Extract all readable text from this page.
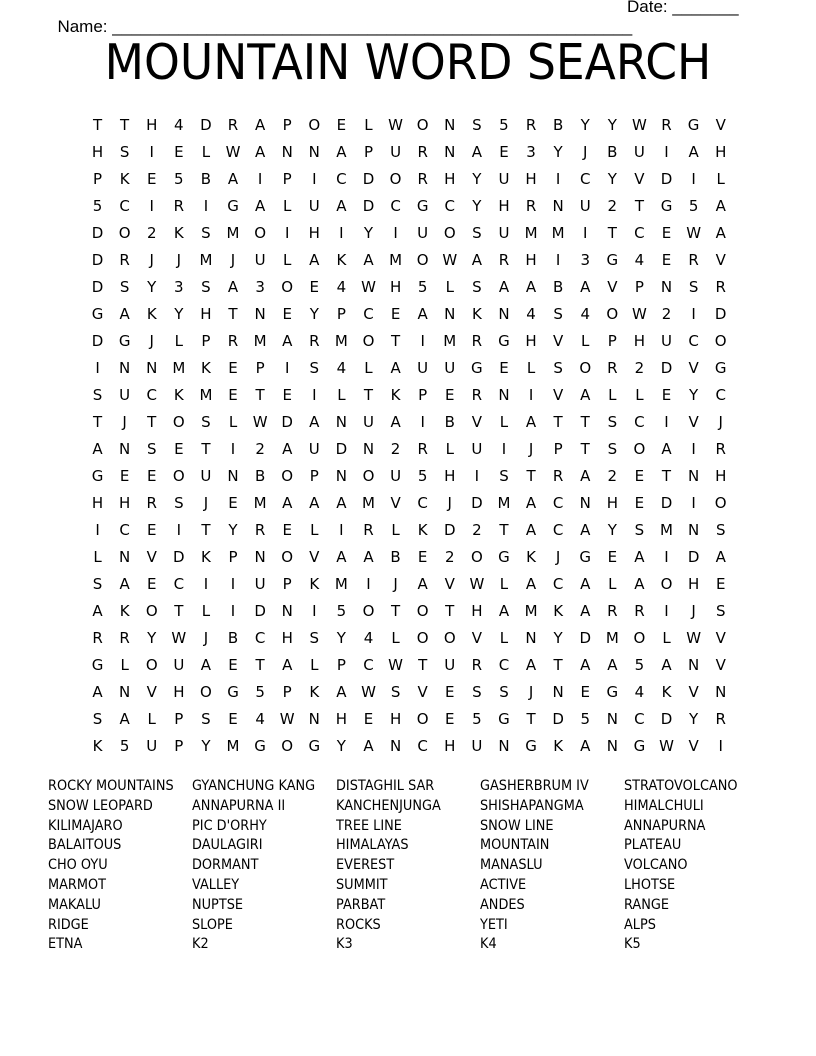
Name: _______________________________________________________

Date: _______

MOUNTAIN WORD SEARCH
T	T	H	4	D	R	A	P	O	E	L	W O	N	S	5	R	B	Y	Y	W R	G	V
H	S	I	E	L	W A	N	N	A	P	U	R	N	A	E	3	Y	J	B	U	I	A	H
P	K	E	5	B	A	I	P	I	C	D	O	R	H	Y	U	H	I	C	Y	V	D	I	L
5	C	I	R	I	G	A	L	U	A	D	C	G	C	Y	H	R	N	U	2	T	G	5	A
D	O	2	K	S	M O	I	H	I	Y	I	U	O	S	U	M M	I	T	C	E W A
D	R	J	J	M	J	U	L	A	K	A	M O W A	R	H	I	3	G	4	E	R	V
D	S	Y	3	S	A	3	O	E	4 W H	5	L	S	A	A	B	A	V	P	N	S	R
G	A	K	Y	H	T	N	E	Y	P	C	E	A	N	K	N	4	S	4	O W 2	I	D
D	G	J	L	P	R	M	A	R	M O	T	I	M	R	G	H	V	L	P	H	U	C	O
I	N	N	M	K	E	P	I	S	4	L	A	U	U	G	E	L	S	O	R	2	D	V	G
S	U	C	K	M	E	T	E	I	L	T	K	P	E	R	N	I	V	A	L	L	E	Y	C
T	J	T	O	S	L	W D	A	N	U	A	I	B	V	L	A	T	T	S	C	I	V	J
A	N	S	E	T	I	2	A	U	D	N	2	R	L	U	I	J	P	T	S	O	A	I	R
G	E	E	O	U	N	B	O	P	N	O	U	5	H	I	S	T	R	A	2	E	T	N	H
H	H	R	S	J	E	M	A	A	A	M	V	C	J	D M	A	C	N	H	E	D	I	O
I	C	E	I	T	Y	R	E	L	I	R	L	K	D	2	T	A	C	A	Y	S	M	N	S
L	N	V	D	K	P	N	O	V	A	A	B	E	2	O	G	K	J	G	E	A	I	D	A
S	A	E	C	I	I	U	P	K	M	I	J	A	V W	L	A	C	A	L	A	O	H	E
A	K	O	T	L	I	D	N	I	5	O	T	O	T	H	A	M	K	A	R	R	I	J	S
R	R	Y	W	J	B	C	H	S	Y	4	L	O	O	V	L	N	Y	D M O	L	W V
G	L	O	U	A	E	T	A	L	P	C W	T	U	R	C	A	T	A	A	5	A	N	V
A	N	V	H	O	G	5	P	K	A W S	V	E	S	S	J	N	E	G	4	K	V	N
S	A	L	P	S	E	4 W N	H	E	H	O	E	5	G	T	D	5	N	C	D	Y	R
K	5	U	P	Y	M G	O	G	Y	A	N	C	H	U	N	G	K	A	N	G W V	I
ROCKY MOUNTAINS	GYANCHUNG KANG	DISTAGHIL SAR	GASHERBRUM IV	STRATOVOLCANO
SNOW LEOPARD	ANNAPURNA II	KANCHENJUNGA	SHISHAPANGMA	HIMALCHULI
KILIMAJARO	PIC D'ORHY	TREE LINE	SNOW LINE	ANNAPURNA
BALAITOUS	DAULAGIRI	HIMALAYAS	MOUNTAIN	PLATEAU
CHO OYU	DORMANT	EVEREST	MANASLU	VOLCANO
MARMOT	VALLEY	SUMMIT	ACTIVE	LHOTSE
MAKALU	NUPTSE	PARBAT	ANDES	RANGE
RIDGE	SLOPE	ROCKS	YETI	ALPS
ETNA	K2	K3	K4	K5
